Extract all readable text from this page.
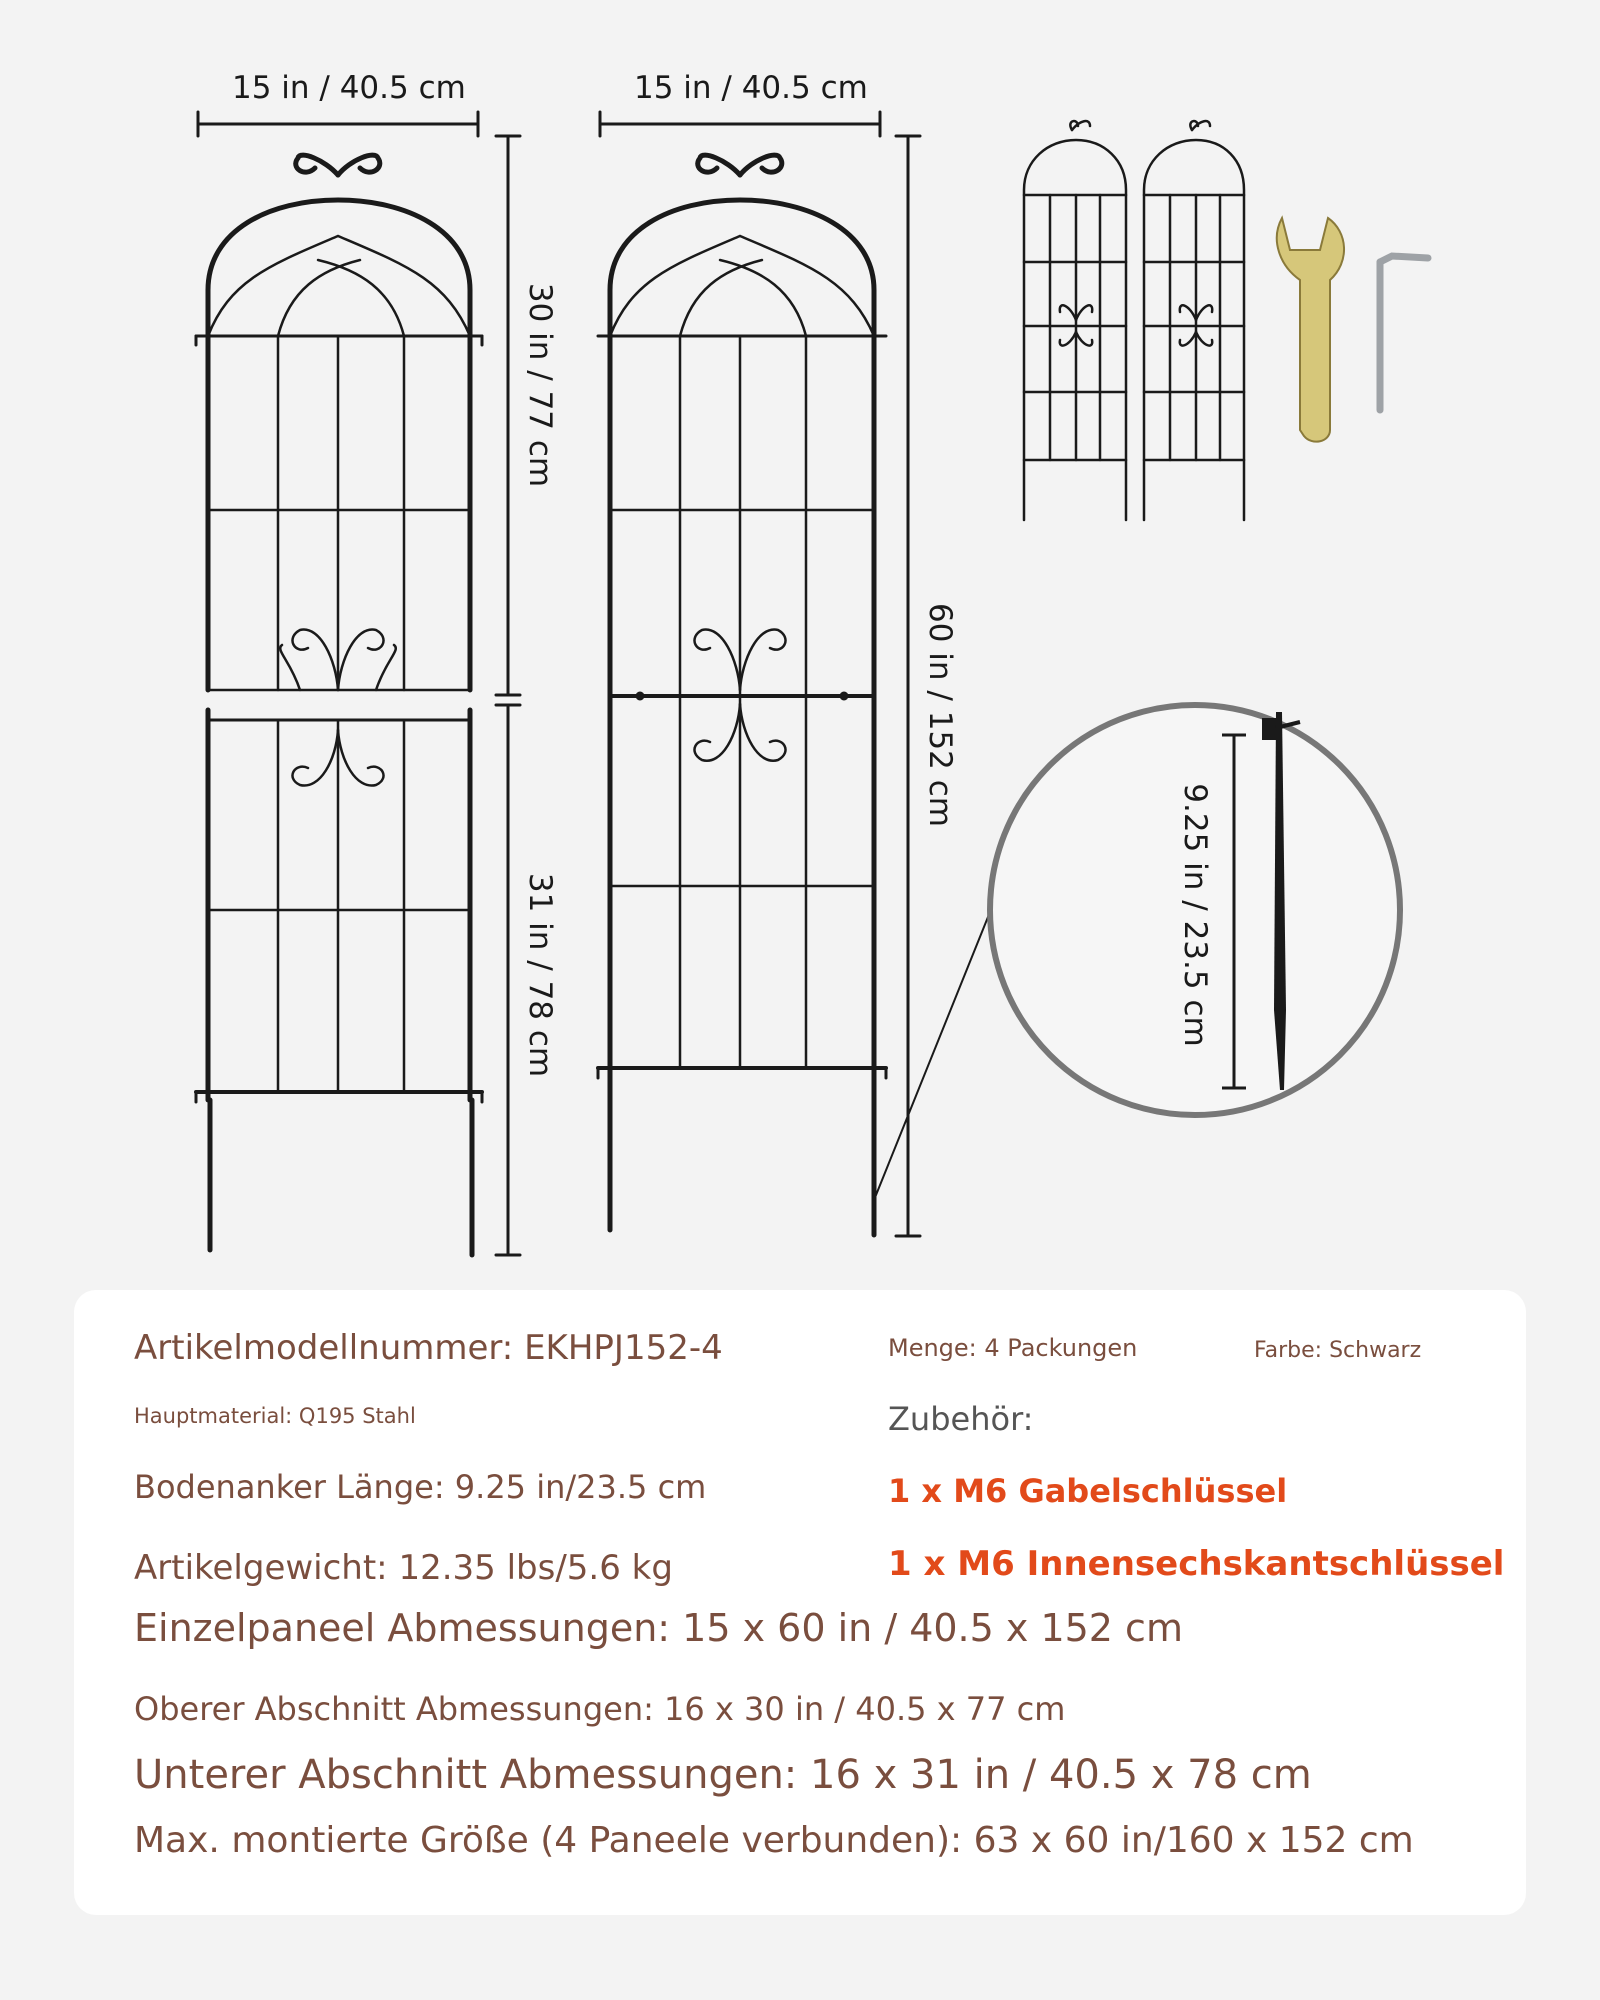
15 in / 40.5 cm	15 in / 40.5 cm
30 in / 77 cm
31 in / 78 cm
60 in / 152 cm
9.25 in / 23.5 cm
Artikelmodellnummer: EKHPJ152-4	Menge: 4 Packungen	Farbe: Schwarz
Hauptmaterial: Q195 Stahl	Zubehör:
Bodenanker Länge: 9.25 in/23.5 cm	1 x M6 Gabelschlüssel
Artikelgewicht: 12.35 lbs/5.6 kg	1 x M6 Innensechskantschlüssel
Einzelpaneel Abmessungen: 15 x 60 in / 40.5 x 152 cm
Oberer Abschnitt Abmessungen: 16 x 30 in / 40.5 x 77 cm
Unterer Abschnitt Abmessungen: 16 x 31 in / 40.5 x 78 cm
Max. montierte Größe (4 Paneele verbunden): 63 x 60 in/160 x 152 cm
